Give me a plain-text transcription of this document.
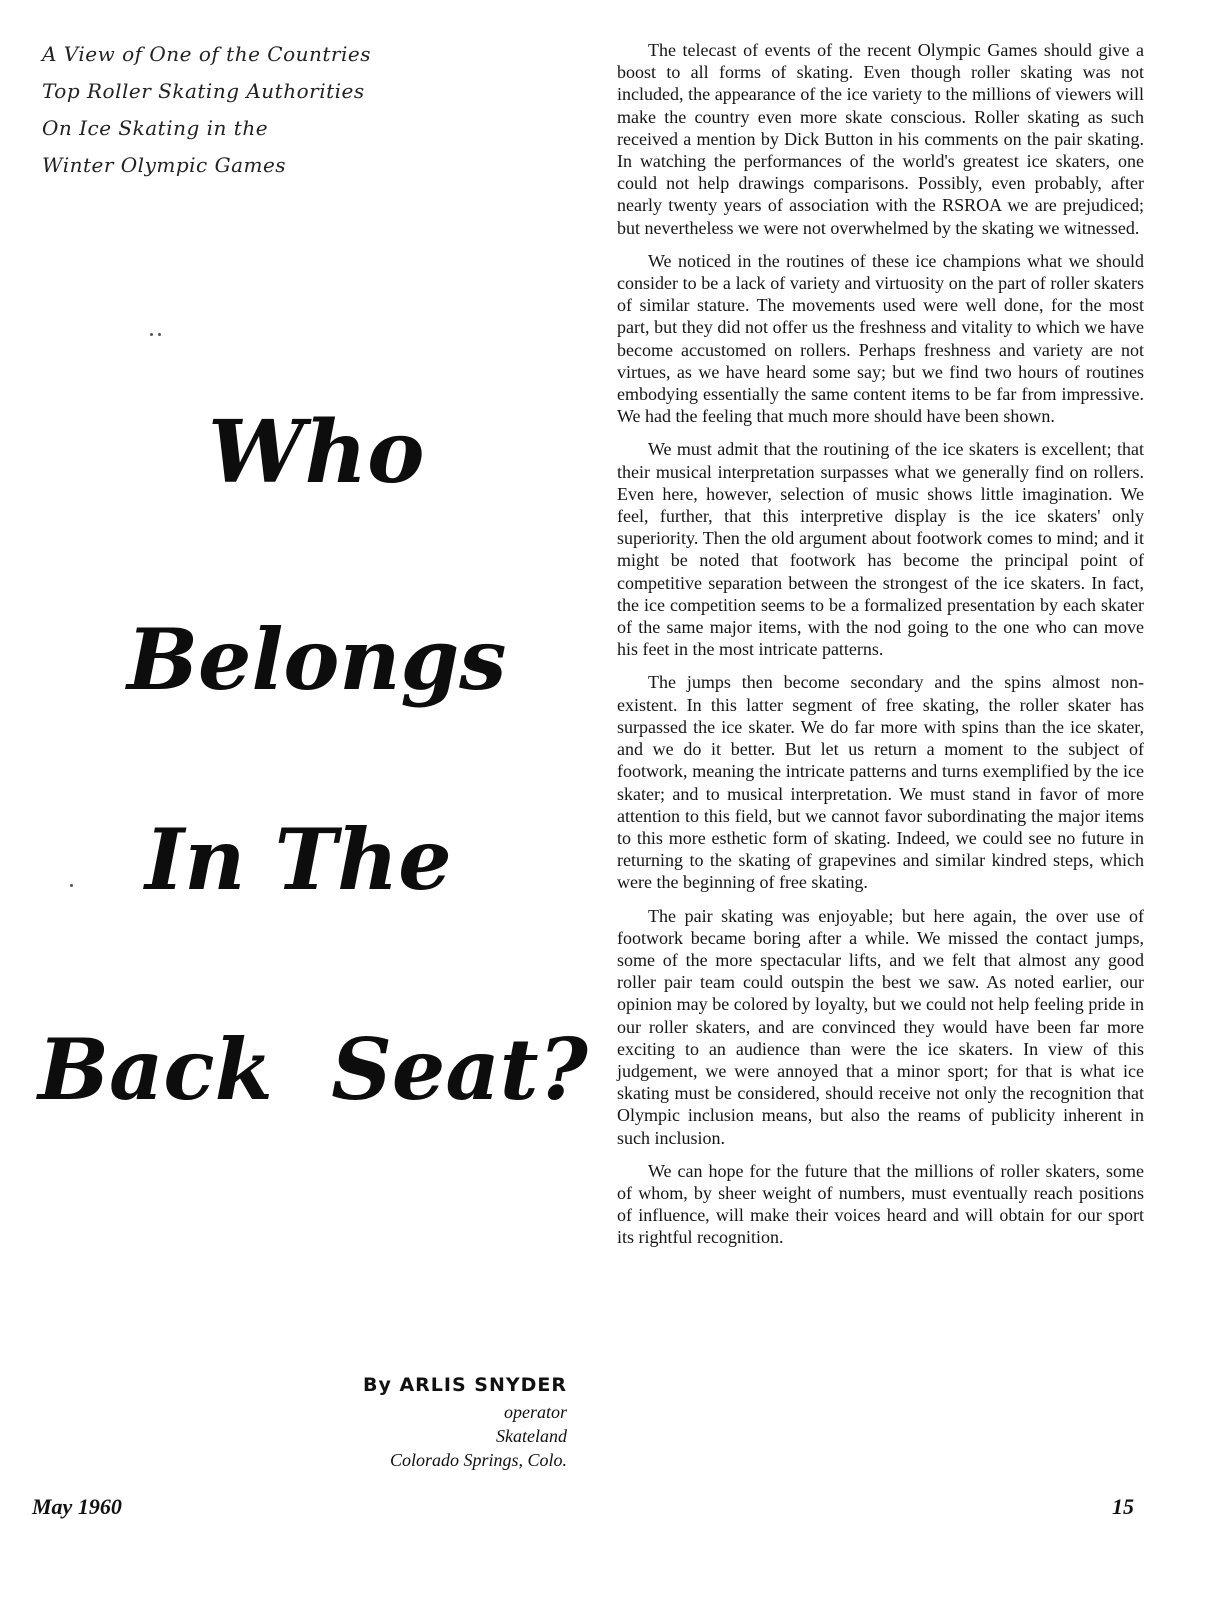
A View of One of the Countries
Top Roller Skating Authorities
On Ice Skating in the
Winter Olympic Games
Who
Belongs
In The
Back  Seat?
By ARLIS SNYDER
operator
Skateland
Colorado Springs, Colo.

The telecast of events of the recent Olympic Games should give a boost to all forms of skating. Even though roller skating was not included, the appearance of the ice variety to the millions of viewers will make the country even more skate conscious. Roller skating as such received a mention by Dick Button in his comments on the pair skating. In watching the performances of the world's greatest ice skaters, one could not help drawings comparisons. Possibly, even probably, after nearly twenty years of association with the RSROA we are prejudiced; but nevertheless we were not overwhelmed by the skating we witnessed.

We noticed in the routines of these ice champions what we should consider to be a lack of variety and virtuosity on the part of roller skaters of similar stature. The movements used were well done, for the most part, but they did not offer us the freshness and vitality to which we have become accustomed on rollers. Perhaps freshness and variety are not virtues, as we have heard some say; but we find two hours of routines embodying essentially the same content items to be far from impressive. We had the feeling that much more should have been shown.

We must admit that the routining of the ice skaters is excellent; that their musical interpretation surpasses what we generally find on rollers. Even here, however, selection of music shows little imagination. We feel, further, that this interpretive display is the ice skaters' only superiority. Then the old argument about footwork comes to mind; and it might be noted that footwork has become the principal point of competitive separation between the strongest of the ice skaters. In fact, the ice competition seems to be a formalized presentation by each skater of the same major items, with the nod going to the one who can move his feet in the most intricate patterns.

The jumps then become secondary and the spins almost non-existent. In this latter segment of free skating, the roller skater has surpassed the ice skater. We do far more with spins than the ice skater, and we do it better. But let us return a moment to the subject of footwork, meaning the intricate patterns and turns exemplified by the ice skater; and to musical interpretation. We must stand in favor of more attention to this field, but we cannot favor subordinating the major items to this more esthetic form of skating. Indeed, we could see no future in returning to the skating of grapevines and similar kindred steps, which were the beginning of free skating.

The pair skating was enjoyable; but here again, the over use of footwork became boring after a while. We missed the contact jumps, some of the more spectacular lifts, and we felt that almost any good roller pair team could outspin the best we saw. As noted earlier, our opinion may be colored by loyalty, but we could not help feeling pride in our roller skaters, and are convinced they would have been far more exciting to an audience than were the ice skaters. In view of this judgement, we were annoyed that a minor sport; for that is what ice skating must be considered, should receive not only the recognition that Olympic inclusion means, but also the reams of publicity inherent in such inclusion.

We can hope for the future that the millions of roller skaters, some of whom, by sheer weight of numbers, must eventually reach positions of influence, will make their voices heard and will obtain for our sport its rightful recognition.

May 1960	15
